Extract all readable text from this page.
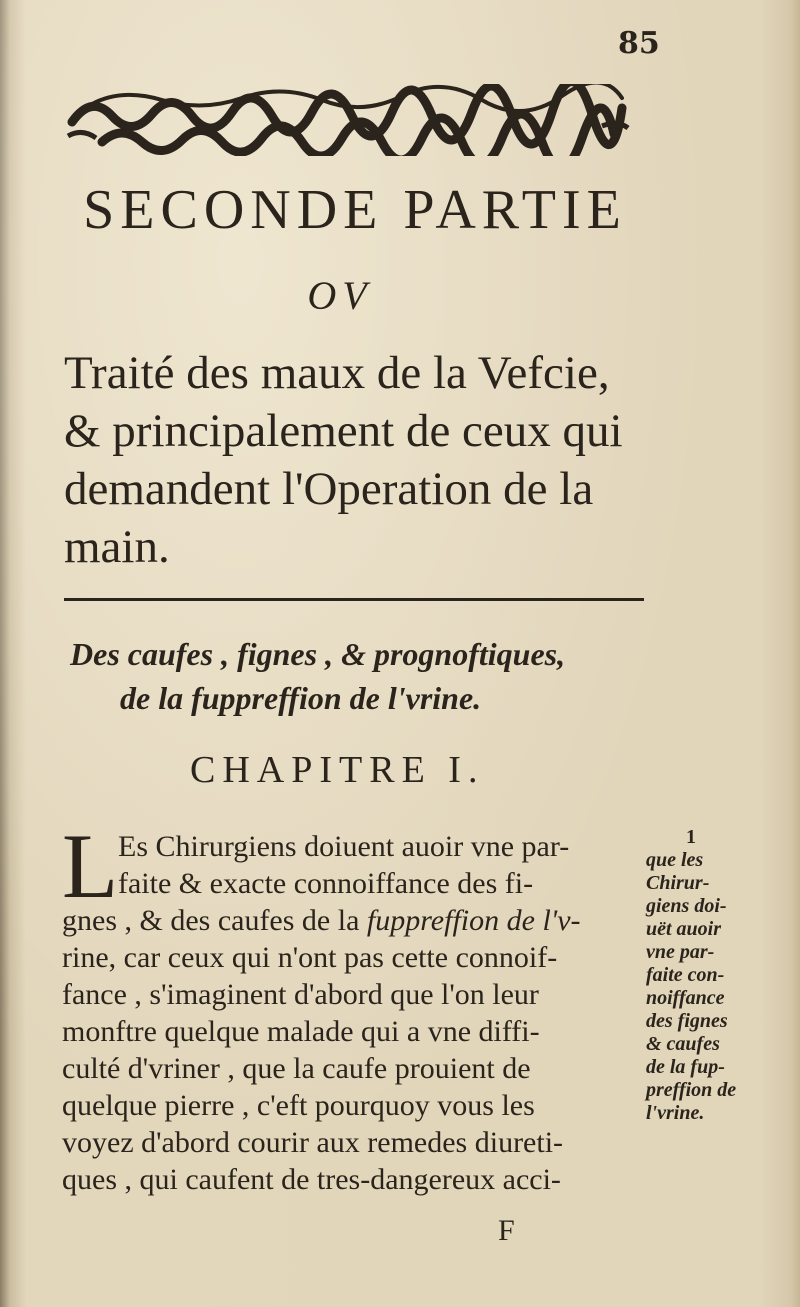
85
SECONDE PARTIE
OV
Traité des maux de la Vefcie,
& principalement de ceux qui
demandent l'Operation de la
main.
Des caufes , fignes , & prognoftiques,
de la fuppreffion de l'vrine.
CHAPITRE I.
L Es Chirurgiens doiuent auoir vne par-
faite & exacte connoiffance des fi-
gnes , & des caufes de la fuppreffion de l'v-
rine, car ceux qui n'ont pas cette connoif-
fance , s'imaginent d'abord que l'on leur
monftre quelque malade qui a vne diffi-
culté d'vriner , que la caufe prouient de
quelque pierre , c'eft pourquoy vous les
voyez d'abord courir aux remedes diureti-
ques , qui caufent de tres-dangereux acci-
1
que les
Chirur-
giens doi-
uët auoir
vne par-
faite con-
noiffance
des fignes
& caufes
de la fup-
preffion de
l'vrine.
F
